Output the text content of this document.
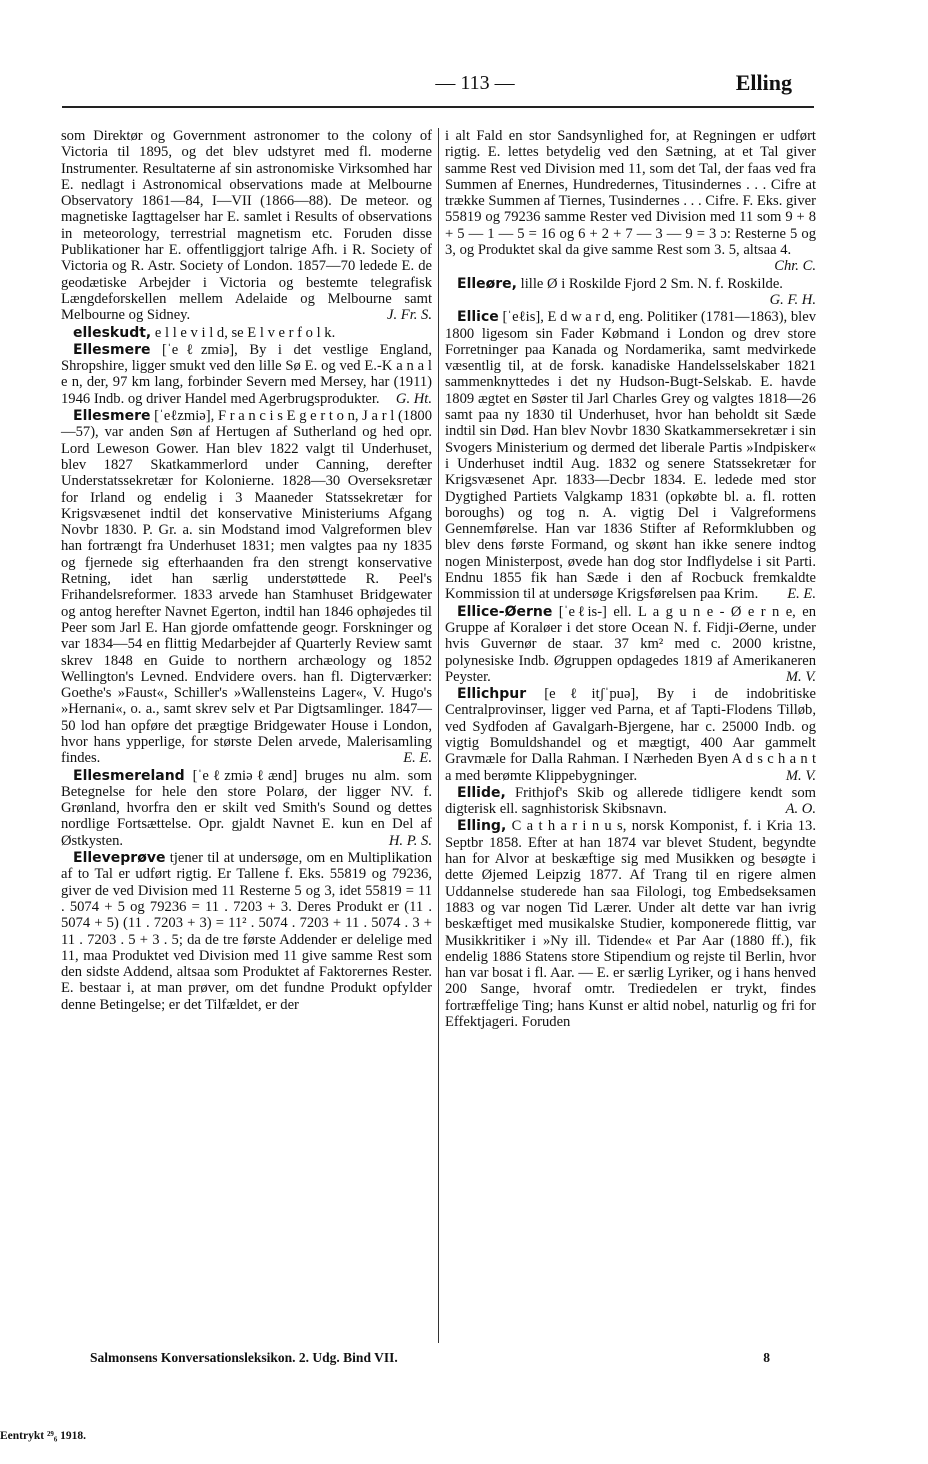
— 113 —	Elling

som Direktør og Government astronomer to the colony of Victoria til 1895, og det blev udstyret med fl. moderne Instrumenter. Resultaterne af sin astronomiske Virksomhed har E. nedlagt i Astronomical observations made at Melbourne Observatory 1861—84, I—VII (1866—88). De meteor. og magnetiske Iagttagelser har E. samlet i Results of observations in meteorology, terrestrial magnetism etc. Foruden disse Publikationer har E. offentliggjort talrige Afh. i R. Society of Victoria og R. Astr. Society of London. 1857—70 ledede E. de geodætiske Arbejder i Victoria og bestemte telegrafisk Længdeforskellen mellem Adelaide og Melbourne samt Melbourne og Sidney.	J. Fr. S.

elleskudt, e l l e v i l d, se E l v e r f o l k.

Ellesmere [ˈeℓzmiə], By i det vestlige England, Shropshire, ligger smukt ved den lille Sø E. og ved E.-K a n a l e n, der, 97 km lang, forbinder Severn med Mersey, har (1911) 1946 Indb. og driver Handel med Agerbrugsprodukter.	G. Ht.

Ellesmere [ˈeℓzmiə], F r a n c i s E g e r t o n, J a r l (1800—57), var anden Søn af Hertugen af Sutherland og hed opr. Lord Leweson Gower. Han blev 1822 valgt til Underhuset, blev 1827 Skatkammerlord under Canning, derefter Understatssekretær for Kolonierne. 1828—30 Overseksretær for Irland og endelig i 3 Maaneder Statssekretær for Krigsvæsenet indtil det konservative Ministeriums Afgang Novbr 1830. P. Gr. a. sin Modstand imod Valgreformen blev han fortrængt fra Underhuset 1831; men valgtes paa ny 1835 og fjernede sig efterhaanden fra den strengt konservative Retning, idet han særlig understøttede R. Peel's Frihandelsreformer. 1833 arvede han Stamhuset Bridgewater og antog herefter Navnet Egerton, indtil han 1846 ophøjedes til Peer som Jarl E. Han gjorde omfattende geogr. Forskninger og var 1834—54 en flittig Medarbejder af Quarterly Review samt skrev 1848 en Guide to northern archæology og 1852 Wellington's Levned. Endvidere overs. han fl. Digterværker: Goethe's »Faust«, Schiller's »Wallensteins Lager«, V. Hugo's »Hernani«, o. a., samt skrev selv et Par Digtsamlinger. 1847—50 lod han opføre det prægtige Bridgewater House i London, hvor hans ypperlige, for største Delen arvede, Malerisamling findes.	E. E.

Ellesmereland [ˈeℓzmiəℓænd] bruges nu alm. som Betegnelse for hele den store Polarø, der ligger NV. f. Grønland, hvorfra den er skilt ved Smith's Sound og dettes nordlige Fortsættelse. Opr. gjaldt Navnet E. kun en Del af Østkysten.	H. P. S.

Elleveprøve tjener til at undersøge, om en Multiplikation af to Tal er udført rigtig. Er Tallene f. Eks. 55819 og 79236, giver de ved Division med 11 Resterne 5 og 3, idet 55819 = 11 . 5074 + 5 og 79236 = 11 . 7203 + 3. Deres Produkt er (11 . 5074 + 5) (11 . 7203 + 3) = 11² . 5074 . 7203 + 11 . 5074 . 3 + 11 . 7203 . 5 + 3 . 5; da de tre første Addender er delelige med 11, maa Produktet ved Division med 11 give samme Rest som den sidste Addend, altsaa som Produktet af Faktorernes Rester. E. bestaar i, at man prøver, om det fundne Produkt opfylder denne Betingelse; er det Tilfældet, er der

i alt Fald en stor Sandsynlighed for, at Regningen er udført rigtig. E. lettes betydelig ved den Sætning, at et Tal giver samme Rest ved Division med 11, som det Tal, der faas ved fra Summen af Enernes, Hundredernes, Titusindernes . . . Cifre at trække Summen af Tiernes, Tusindernes . . . Cifre. F. Eks. giver 55819 og 79236 samme Rester ved Division med 11 som 9 + 8 + 5 — 1 — 5 = 16 og 6 + 2 + 7 — 3 — 9 = 3 ɔ: Resterne 5 og 3, og Produktet skal da give samme Rest som 3. 5, altsaa 4.
Chr. C.

Elleøre, lille Ø i Roskilde Fjord 2 Sm. N. f. Roskilde.
G. F. H.

Ellice [ˈeℓis], E d w a r d, eng. Politiker (1781—1863), blev 1800 ligesom sin Fader Købmand i London og drev store Forretninger paa Kanada og Nordamerika, samt medvirkede væsentlig til, at de forsk. kanadiske Handelsselskaber 1821 sammenknyttedes i det ny Hudson-Bugt-Selskab. E. havde 1809 ægtet en Søster til Jarl Charles Grey og valgtes 1818—26 samt paa ny 1830 til Underhuset, hvor han beholdt sit Sæde indtil sin Død. Han blev Novbr 1830 Skatkammersekretær i sin Svogers Ministerium og dermed det liberale Partis »Indpisker« i Underhuset indtil Aug. 1832 og senere Statssekretær for Krigsvæsenet Apr. 1833—Decbr 1834. E. ledede med stor Dygtighed Partiets Valgkamp 1831 (opkøbte bl. a. fl. rotten boroughs) og tog n. A. vigtig Del i Valgreformens Gennemførelse. Han var 1836 Stifter af Reformklubben og blev dens første Formand, og skønt han ikke senere indtog nogen Ministerpost, øvede han dog stor Indflydelse i sit Parti. Endnu 1855 fik han Sæde i den af Rocbuck fremkaldte Kommission til at undersøge Krigsførelsen paa Krim.	E. E.

Ellice-Øerne [ˈeℓis-] ell. L a g u n e - Ø e r n e, en Gruppe af Koraløer i det store Ocean N. f. Fidji-Øerne, under hvis Guvernør de staar. 37 km² med c. 2000 kristne, polynesiske Indb. Øgruppen opdagedes 1819 af Amerikaneren Peyster.	M. V.

Ellichpur [eℓitʃˈpuə], By i de indobritiske Centralprovinser, ligger ved Parna, et af Tapti-Flodens Tilløb, ved Sydfoden af Gavalgarh-Bjergene, har c. 25000 Indb. og vigtig Bomuldshandel og et mægtigt, 400 Aar gammelt Gravmæle for Dalla Rahman. I Nærheden Byen A d s c h a n t a med berømte Klippebygninger.	M. V.

Ellide, Frithjof's Skib og allerede tidligere kendt som digterisk ell. sagnhistorisk Skibsnavn.	A. O.

Elling, C a t h a r i n u s, norsk Komponist, f. i Kria 13. Septbr 1858. Efter at han 1874 var blevet Student, begyndte han for Alvor at beskæftige sig med Musikken og besøgte i dette Øjemed Leipzig 1877. Af Trang til en rigere almen Uddannelse studerede han saa Filologi, tog Embedseksamen 1883 og var nogen Tid Lærer. Under alt dette var han ivrig beskæftiget med musikalske Studier, komponerede flittig, var Musikkritiker i »Ny ill. Tidende« et Par Aar (1880 ff.), fik endelig 1886 Statens store Stipendium og rejste til Berlin, hvor han var bosat i fl. Aar. — E. er særlig Lyriker, og i hans henved 200 Sange, hvoraf omtr. Trediedelen er trykt, findes fortræffelige Ting; hans Kunst er altid nobel, naturlig og fri for Effektjageri. Foruden

Salmonsens Konversationsleksikon. 2. Udg. Bind VII.	8
Eentrykt ²⁹₆ 1918.
